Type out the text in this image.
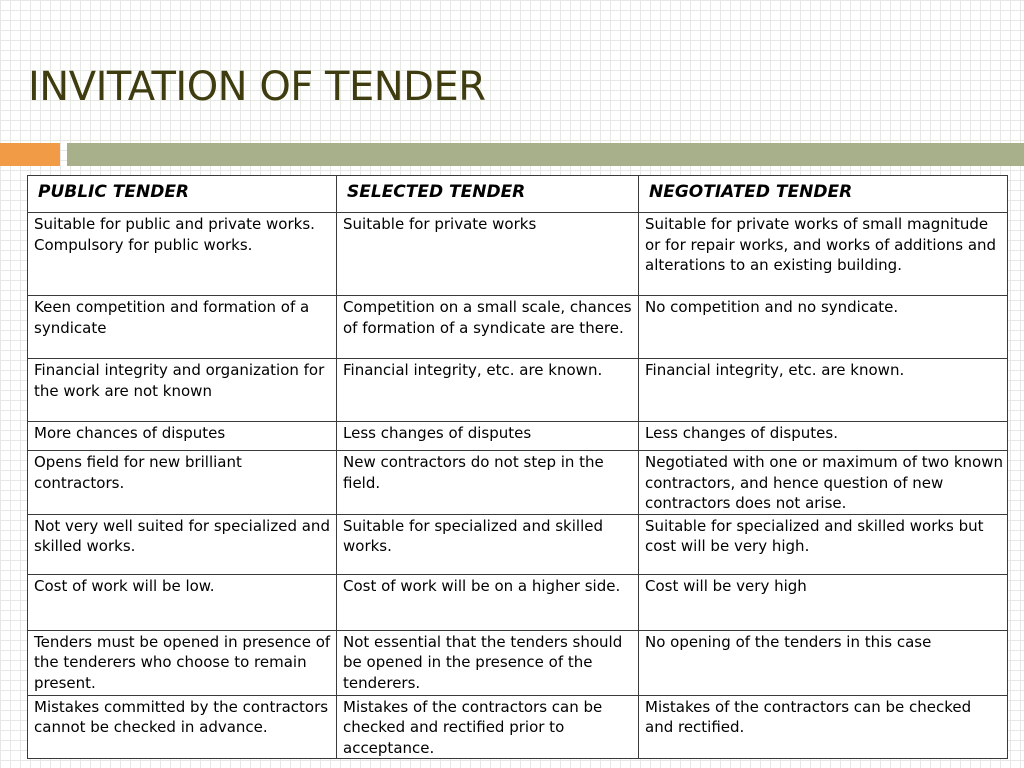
INVITATION OF TENDER
PUBLIC TENDER	SELECTED TENDER	NEGOTIATED TENDER
Suitable for public and private works. Compulsory for public works.	Suitable for private works	Suitable for private works of small magnitude or for repair works, and works of additions and alterations to an existing building.
Keen competition and formation of a syndicate	Competition on a small scale, chances of formation of a syndicate are there.	No competition and no syndicate.
Financial integrity and organization for the work are not known	Financial integrity, etc. are known.	Financial integrity, etc. are known.
More chances of disputes	Less changes of disputes	Less changes of disputes.
Opens field for new brilliant contractors.	New contractors do not step in the field.	Negotiated with one or maximum of two known contractors, and hence question of new contractors does not arise.
Not very well suited for specialized and skilled works.	Suitable for specialized and skilled works.	Suitable for specialized and skilled works but cost will be very high.
Cost of work will be low.	Cost of work will be on a higher side.	Cost will be very high
Tenders must be opened in presence of the tenderers who choose to remain present.	Not essential that the tenders should be opened in the presence of the tenderers.	No opening of the tenders in this case
Mistakes committed by the contractors cannot be checked in advance.	Mistakes of the contractors can be checked and rectified prior to acceptance.	Mistakes of the contractors can be checked and rectified.
